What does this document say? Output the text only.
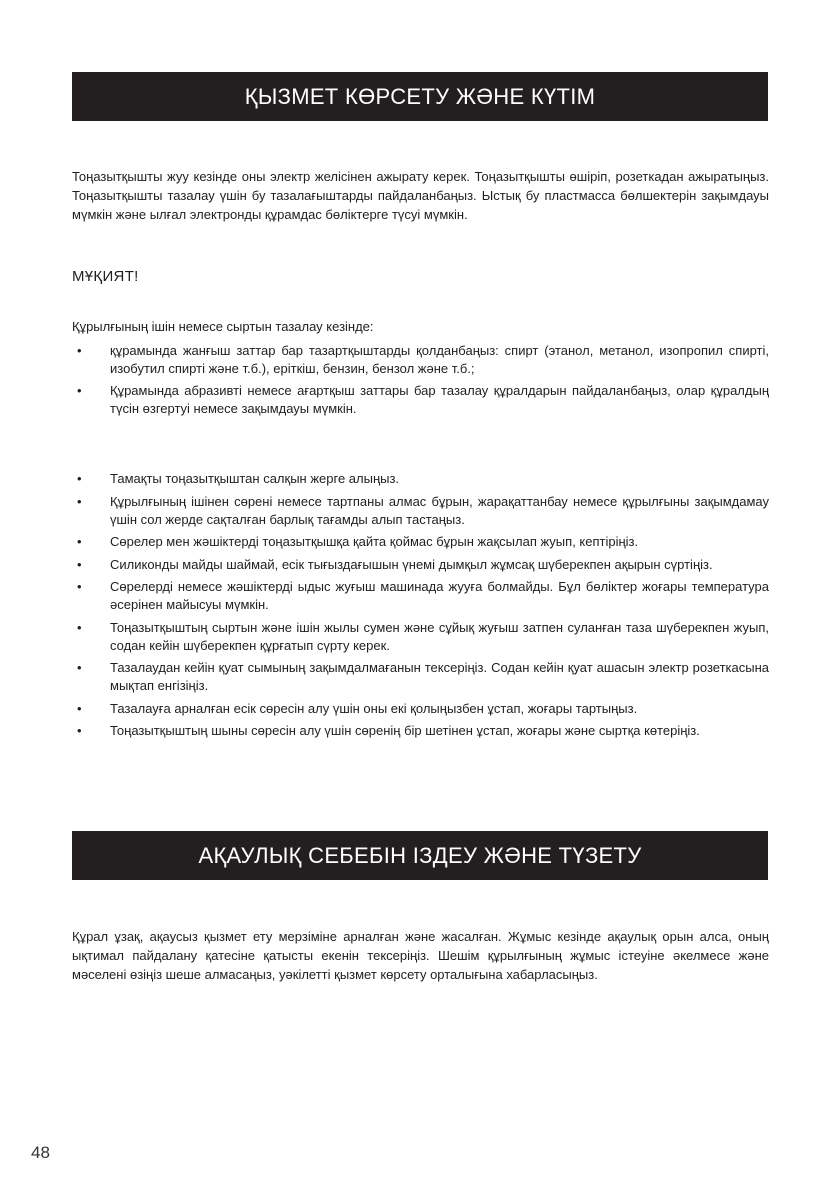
ҚЫЗМЕТ КӨРСЕТУ ЖӘНЕ КҮТІМ

Тоңазытқышты жуу кезінде оны электр желісінен ажырату керек. Тоңазытқышты өшіріп, розеткадан ажыратыңыз. Тоңазытқышты тазалау үшін бу тазалағыштарды пайдаланбаңыз. Ыстық бу пластмасса бөлшектерін зақымдауы мүмкін және ылғал электронды құрамдас бөліктерге түсуі мүмкін.

МҰҚИЯТ!

Құрылғының ішін немесе сыртын тазалау кезінде:

• құрамында жанғыш заттар бар тазартқыштарды қолданбаңыз: спирт (этанол, метанол, изопропил спирті, изобутил спирті және т.б.), еріткіш, бензин, бензол және т.б.;
• Құрамында абразивті немесе ағартқыш заттары бар тазалау құралдарын пайдаланбаңыз, олар құралдың түсін өзгертуі немесе зақымдауы мүмкін.
• Тамақты тоңазытқыштан салқын жерге алыңыз.
• Құрылғының ішінен сөрені немесе тартпаны алмас бұрын, жарақаттанбау немесе құрылғыны зақымдамау үшін сол жерде сақталған барлық тағамды алып тастаңыз.
• Сөрелер мен жәшіктерді тоңазытқышқа қайта қоймас бұрын жақсылап жуып, кептіріңіз.
• Силиконды майды шаймай, есік тығыздағышын үнемі дымқыл жұмсақ шүберекпен ақырын сүртіңіз.
• Сөрелерді немесе жәшіктерді ыдыс жуғыш машинада жууға болмайды. Бұл бөліктер жоғары температура әсерінен майысуы мүмкін.
• Тоңазытқыштың сыртын және ішін жылы сумен және сұйық жуғыш затпен суланған таза шүберекпен жуып, содан кейін шүберекпен құрғатып сүрту керек.
• Тазалаудан кейін қуат сымының зақымдалмағанын тексеріңіз. Содан кейін қуат ашасын электр розеткасына мықтап енгізіңіз.
• Тазалауға арналған есік сөресін алу үшін оны екі қолыңызбен ұстап, жоғары тартыңыз.
• Тоңазытқыштың шыны сөресін алу үшін сөренің бір шетінен ұстап, жоғары және сыртқа көтеріңіз.
АҚАУЛЫҚ СЕБЕБІН ІЗДЕУ ЖӘНЕ ТҮЗЕТУ

Құрал ұзақ, ақаусыз қызмет ету мерзіміне арналған және жасалған. Жұмыс кезінде ақаулық орын алса, оның ықтимал пайдалану қатесіне қатысты екенін тексеріңіз. Шешім құрылғының жұмыс істеуіне әкелмесе және мәселені өзіңіз шеше алмасаңыз, уәкілетті қызмет көрсету орталығына хабарласыңыз.

48
